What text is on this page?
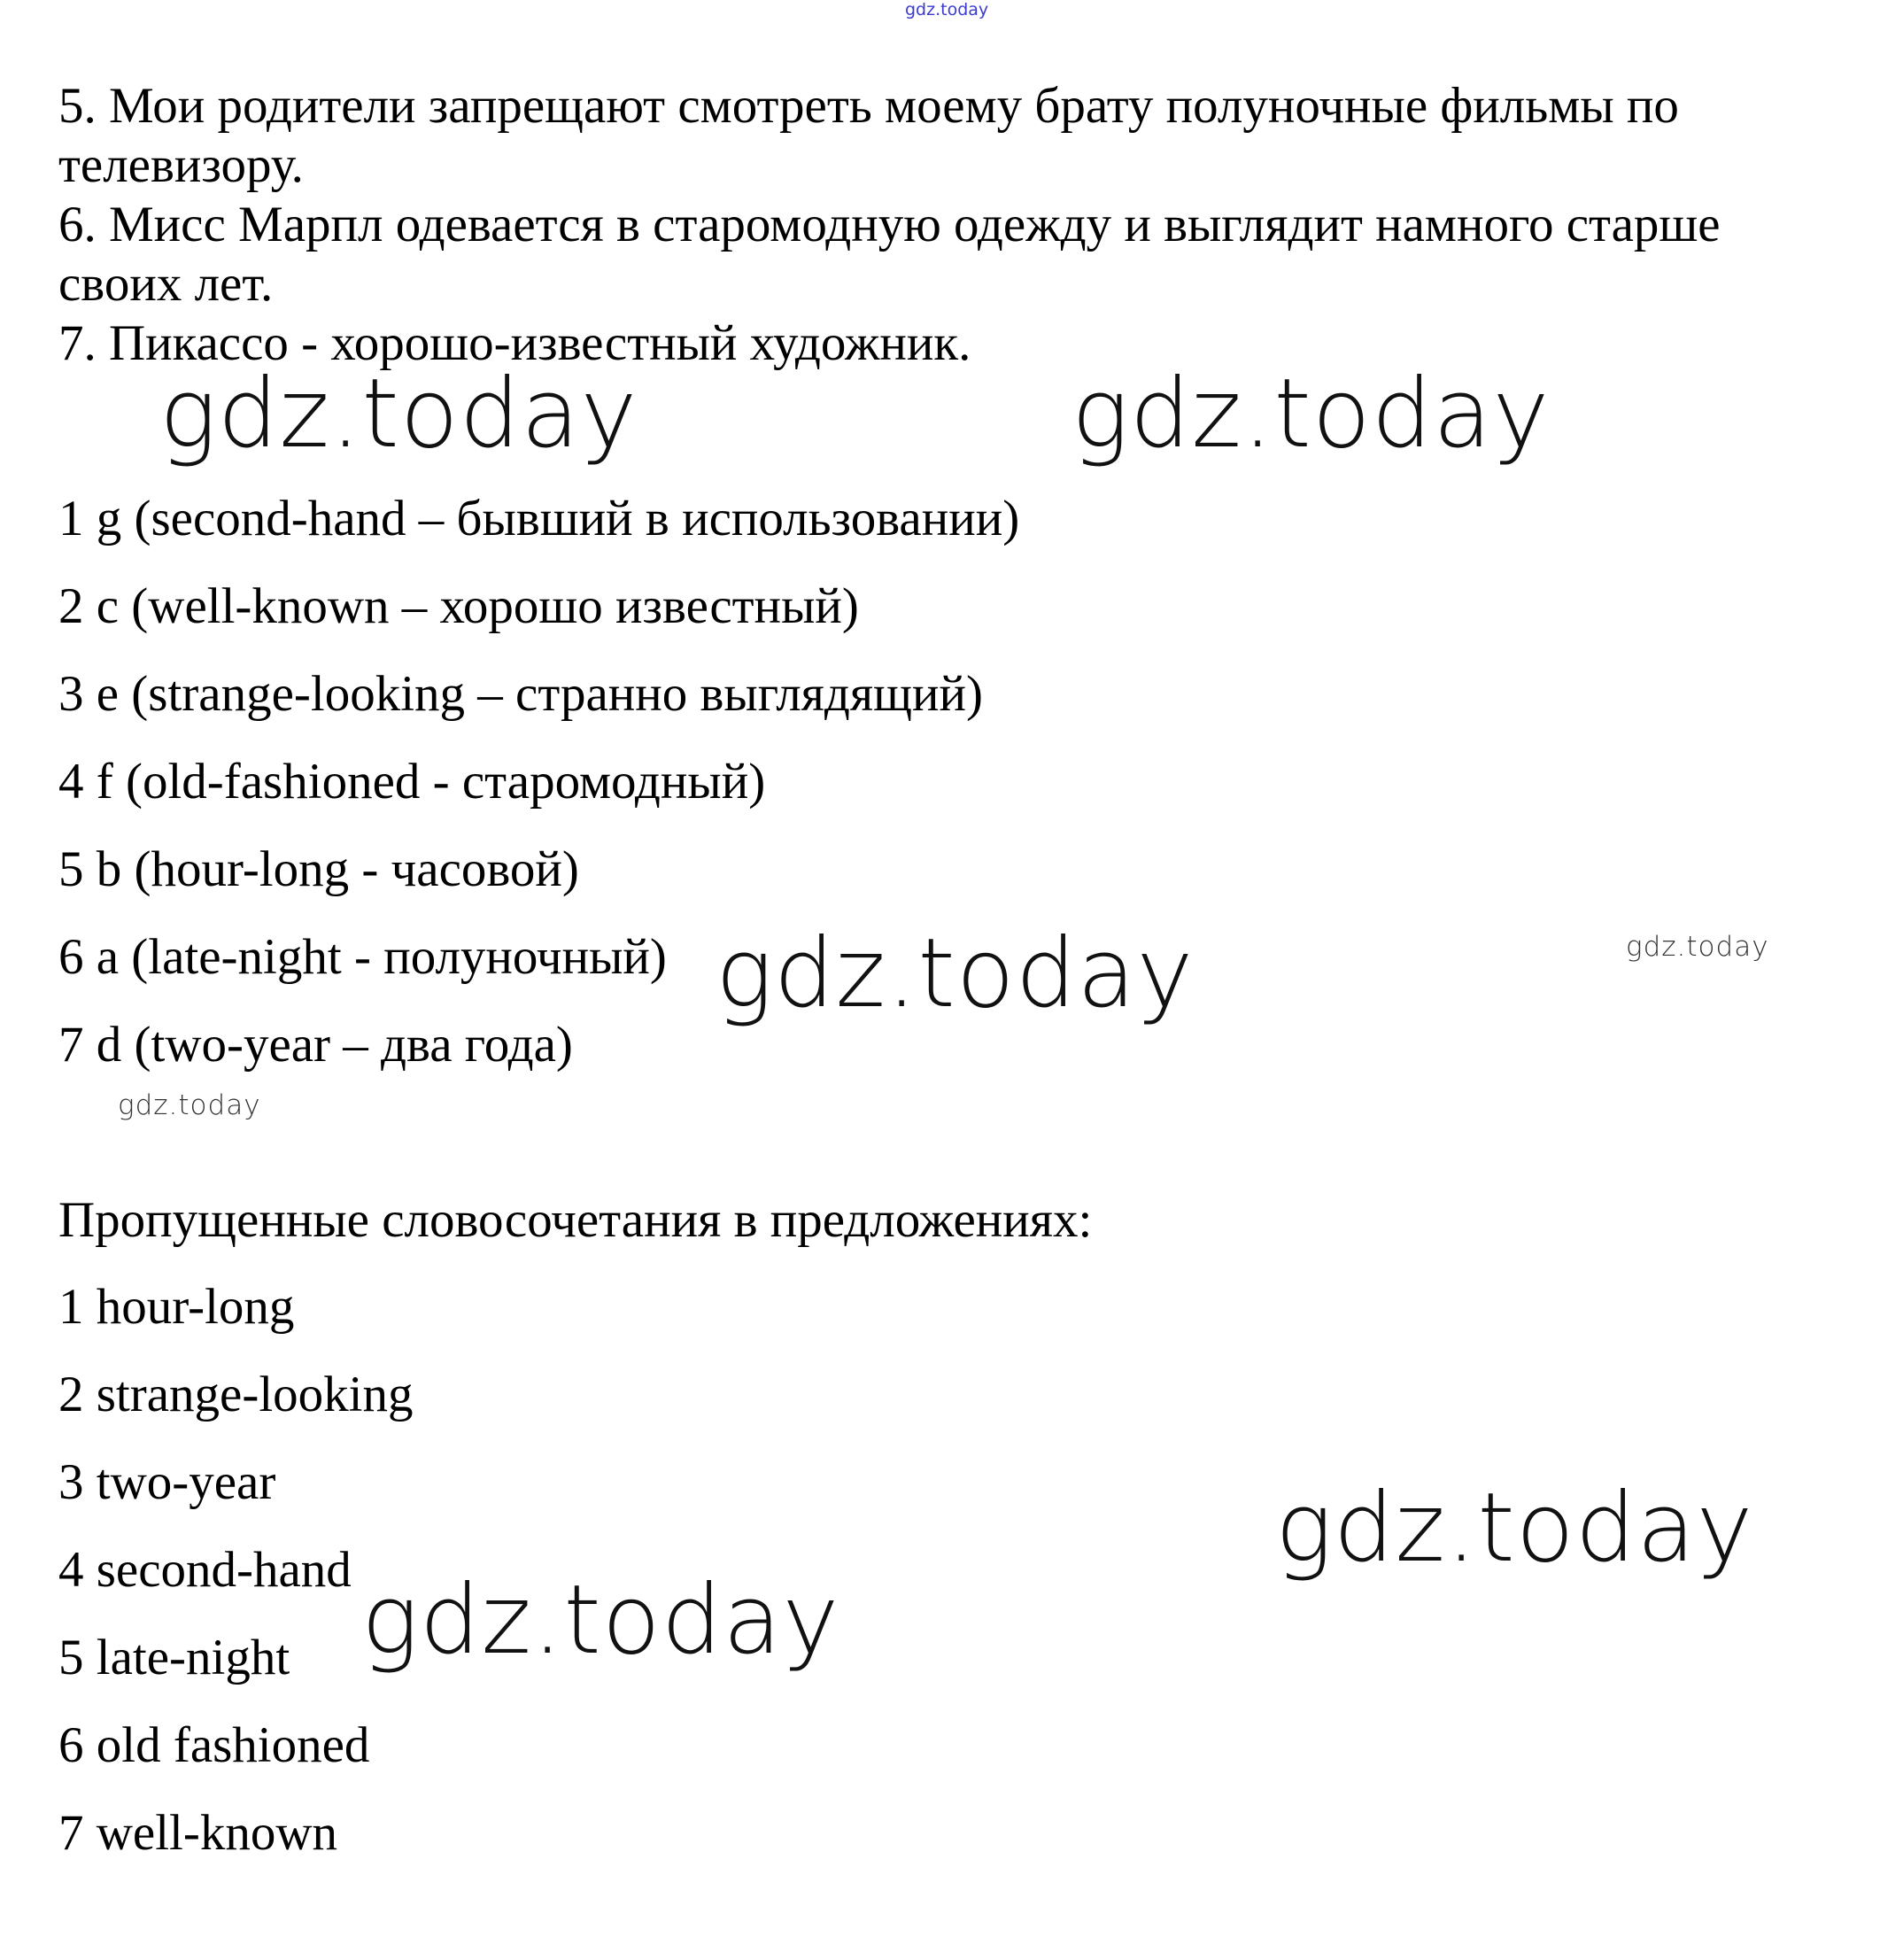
gdz.today

5. Мои родители запрещают смотреть моему брату полуночные фильмы по телевизору.

6. Мисс Марпл одевается в старомодную одежду и выглядит намного старше своих лет.

7. Пикассо - хорошо-известный художник.

1 g (second-hand – бывший в использовании)
2 c (well-known – хорошо известный)
3 e (strange-looking – странно выглядящий)
4 f (old-fashioned - старомодный)
5 b (hour-long - часовой)
6 a (late-night - полуночный)
7 d (two-year – два года)
Пропущенные словосочетания в предложениях:
1 hour-long
2 strange-looking
3 two-year
4 second-hand
5 late-night
6 old fashioned
7 well-known
gdz.today	gdz.today
gdz.today
gdz.today
gdz.today
gdz.today
gdz.today
